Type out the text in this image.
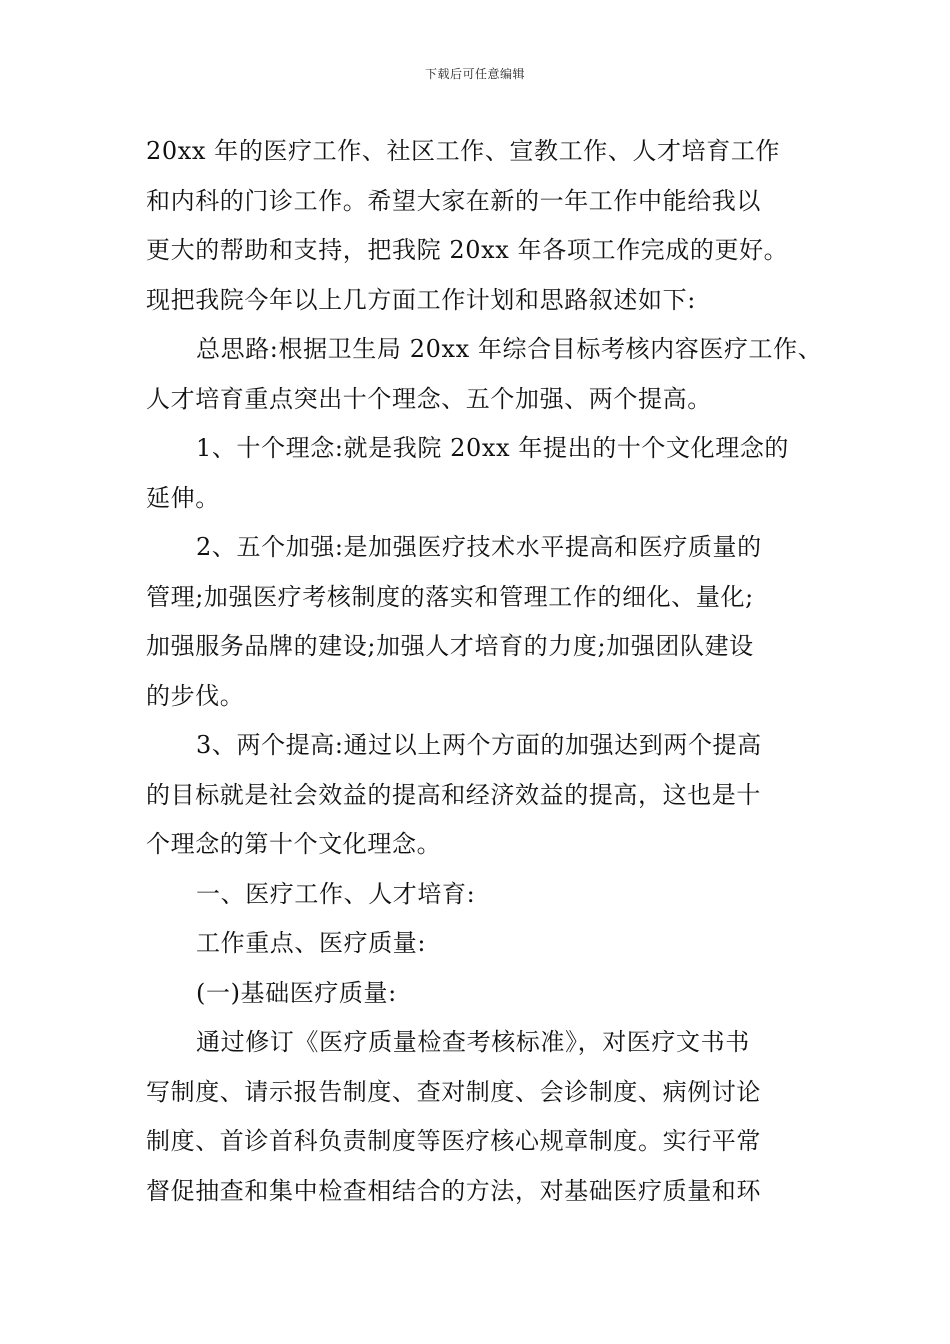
下载后可任意编辑
20xx 年的医疗工作、社区工作、宣教工作、人才培育工作
和内科的门诊工作。希望大家在新的一年工作中能给我以
更大的帮助和支持，把我院 20xx 年各项工作完成的更好。
现把我院今年以上几方面工作计划和思路叙述如下:
总思路:根据卫生局 20xx 年综合目标考核内容医疗工作、
人才培育重点突出十个理念、五个加强、两个提高。
1、十个理念:就是我院 20xx 年提出的十个文化理念的
延伸。
2、五个加强:是加强医疗技术水平提高和医疗质量的
管理;加强医疗考核制度的落实和管理工作的细化、量化;
加强服务品牌的建设;加强人才培育的力度;加强团队建设
的步伐。
3、两个提高:通过以上两个方面的加强达到两个提高
的目标就是社会效益的提高和经济效益的提高，这也是十
个理念的第十个文化理念。
一、医疗工作、人才培育:
工作重点、医疗质量:
(一)基础医疗质量:
通过修订《医疗质量检查考核标准》，对医疗文书书
写制度、请示报告制度、查对制度、会诊制度、病例讨论
制度、首诊首科负责制度等医疗核心规章制度。实行平常
督促抽查和集中检查相结合的方法，对基础医疗质量和环
